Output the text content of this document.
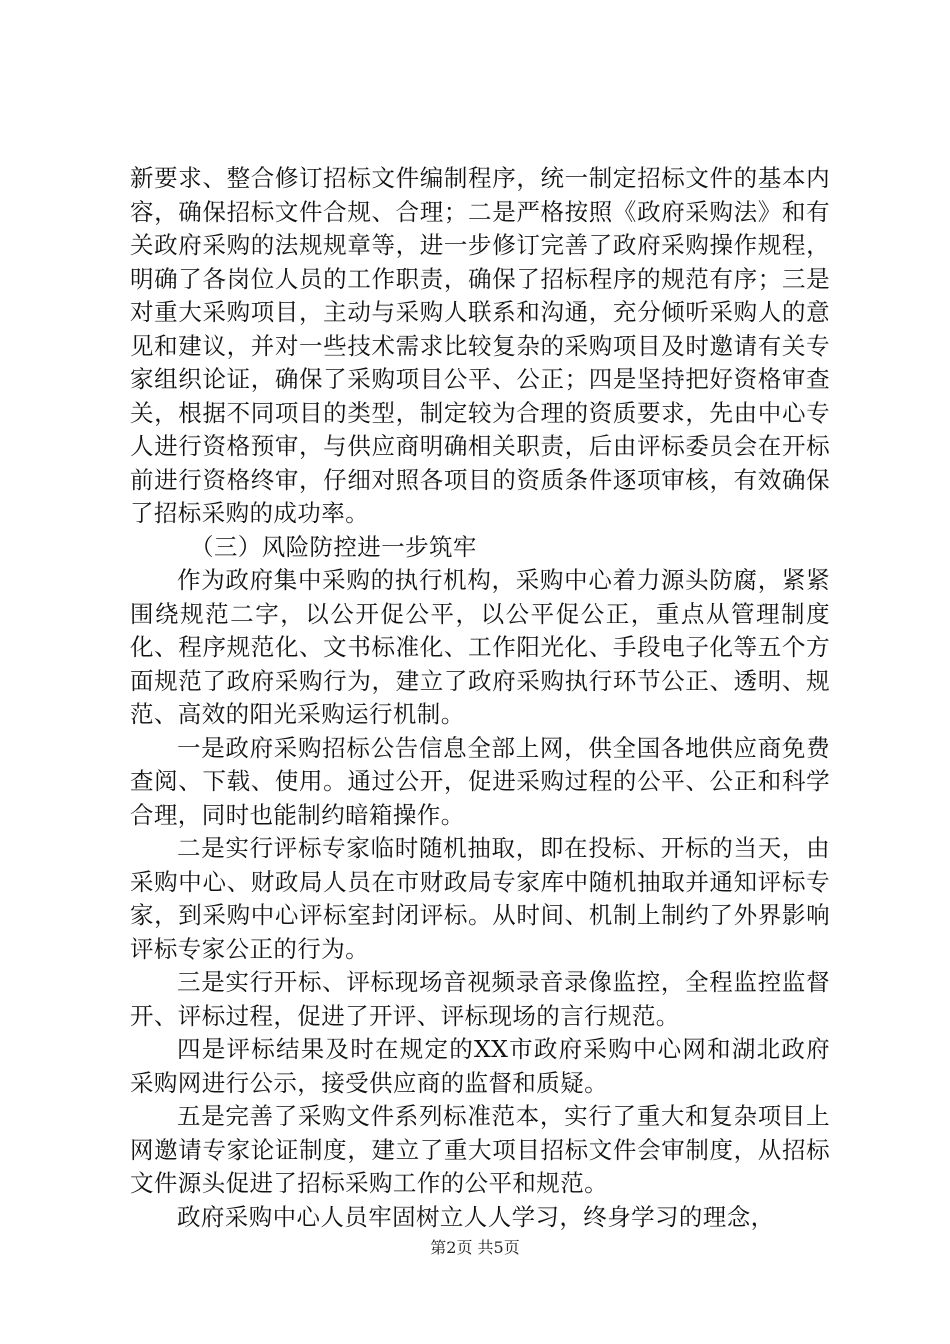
新要求、整合修订招标文件编制程序，统一制定招标文件的基本内容，确保招标文件合规、合理；二是严格按照《政府采购法》和有关政府采购的法规规章等，进一步修订完善了政府采购操作规程，明确了各岗位人员的工作职责，确保了招标程序的规范有序；三是对重大采购项目，主动与采购人联系和沟通，充分倾听采购人的意见和建议，并对一些技术需求比较复杂的采购项目及时邀请有关专家组织论证，确保了采购项目公平、公正；四是坚持把好资格审查关，根据不同项目的类型，制定较为合理的资质要求，先由中心专人进行资格预审，与供应商明确相关职责，后由评标委员会在开标前进行资格终审，仔细对照各项目的资质条件逐项审核，有效确保了招标采购的成功率。

（三）风险防控进一步筑牢

作为政府集中采购的执行机构，采购中心着力源头防腐，紧紧围绕规范二字，以公开促公平，以公平促公正，重点从管理制度化、程序规范化、文书标准化、工作阳光化、手段电子化等五个方面规范了政府采购行为，建立了政府采购执行环节公正、透明、规范、高效的阳光采购运行机制。

一是政府采购招标公告信息全部上网，供全国各地供应商免费查阅、下载、使用。通过公开，促进采购过程的公平、公正和科学合理，同时也能制约暗箱操作。

二是实行评标专家临时随机抽取，即在投标、开标的当天，由采购中心、财政局人员在市财政局专家库中随机抽取并通知评标专家，到采购中心评标室封闭评标。从时间、机制上制约了外界影响评标专家公正的行为。

三是实行开标、评标现场音视频录音录像监控，全程监控监督开、评标过程，促进了开评、评标现场的言行规范。

四是评标结果及时在规定的XX市政府采购中心网和湖北政府采购网进行公示，接受供应商的监督和质疑。

五是完善了采购文件系列标准范本，实行了重大和复杂项目上网邀请专家论证制度，建立了重大项目招标文件会审制度，从招标文件源头促进了招标采购工作的公平和规范。

政府采购中心人员牢固树立人人学习，终身学习的理念，

第2页 共5页
